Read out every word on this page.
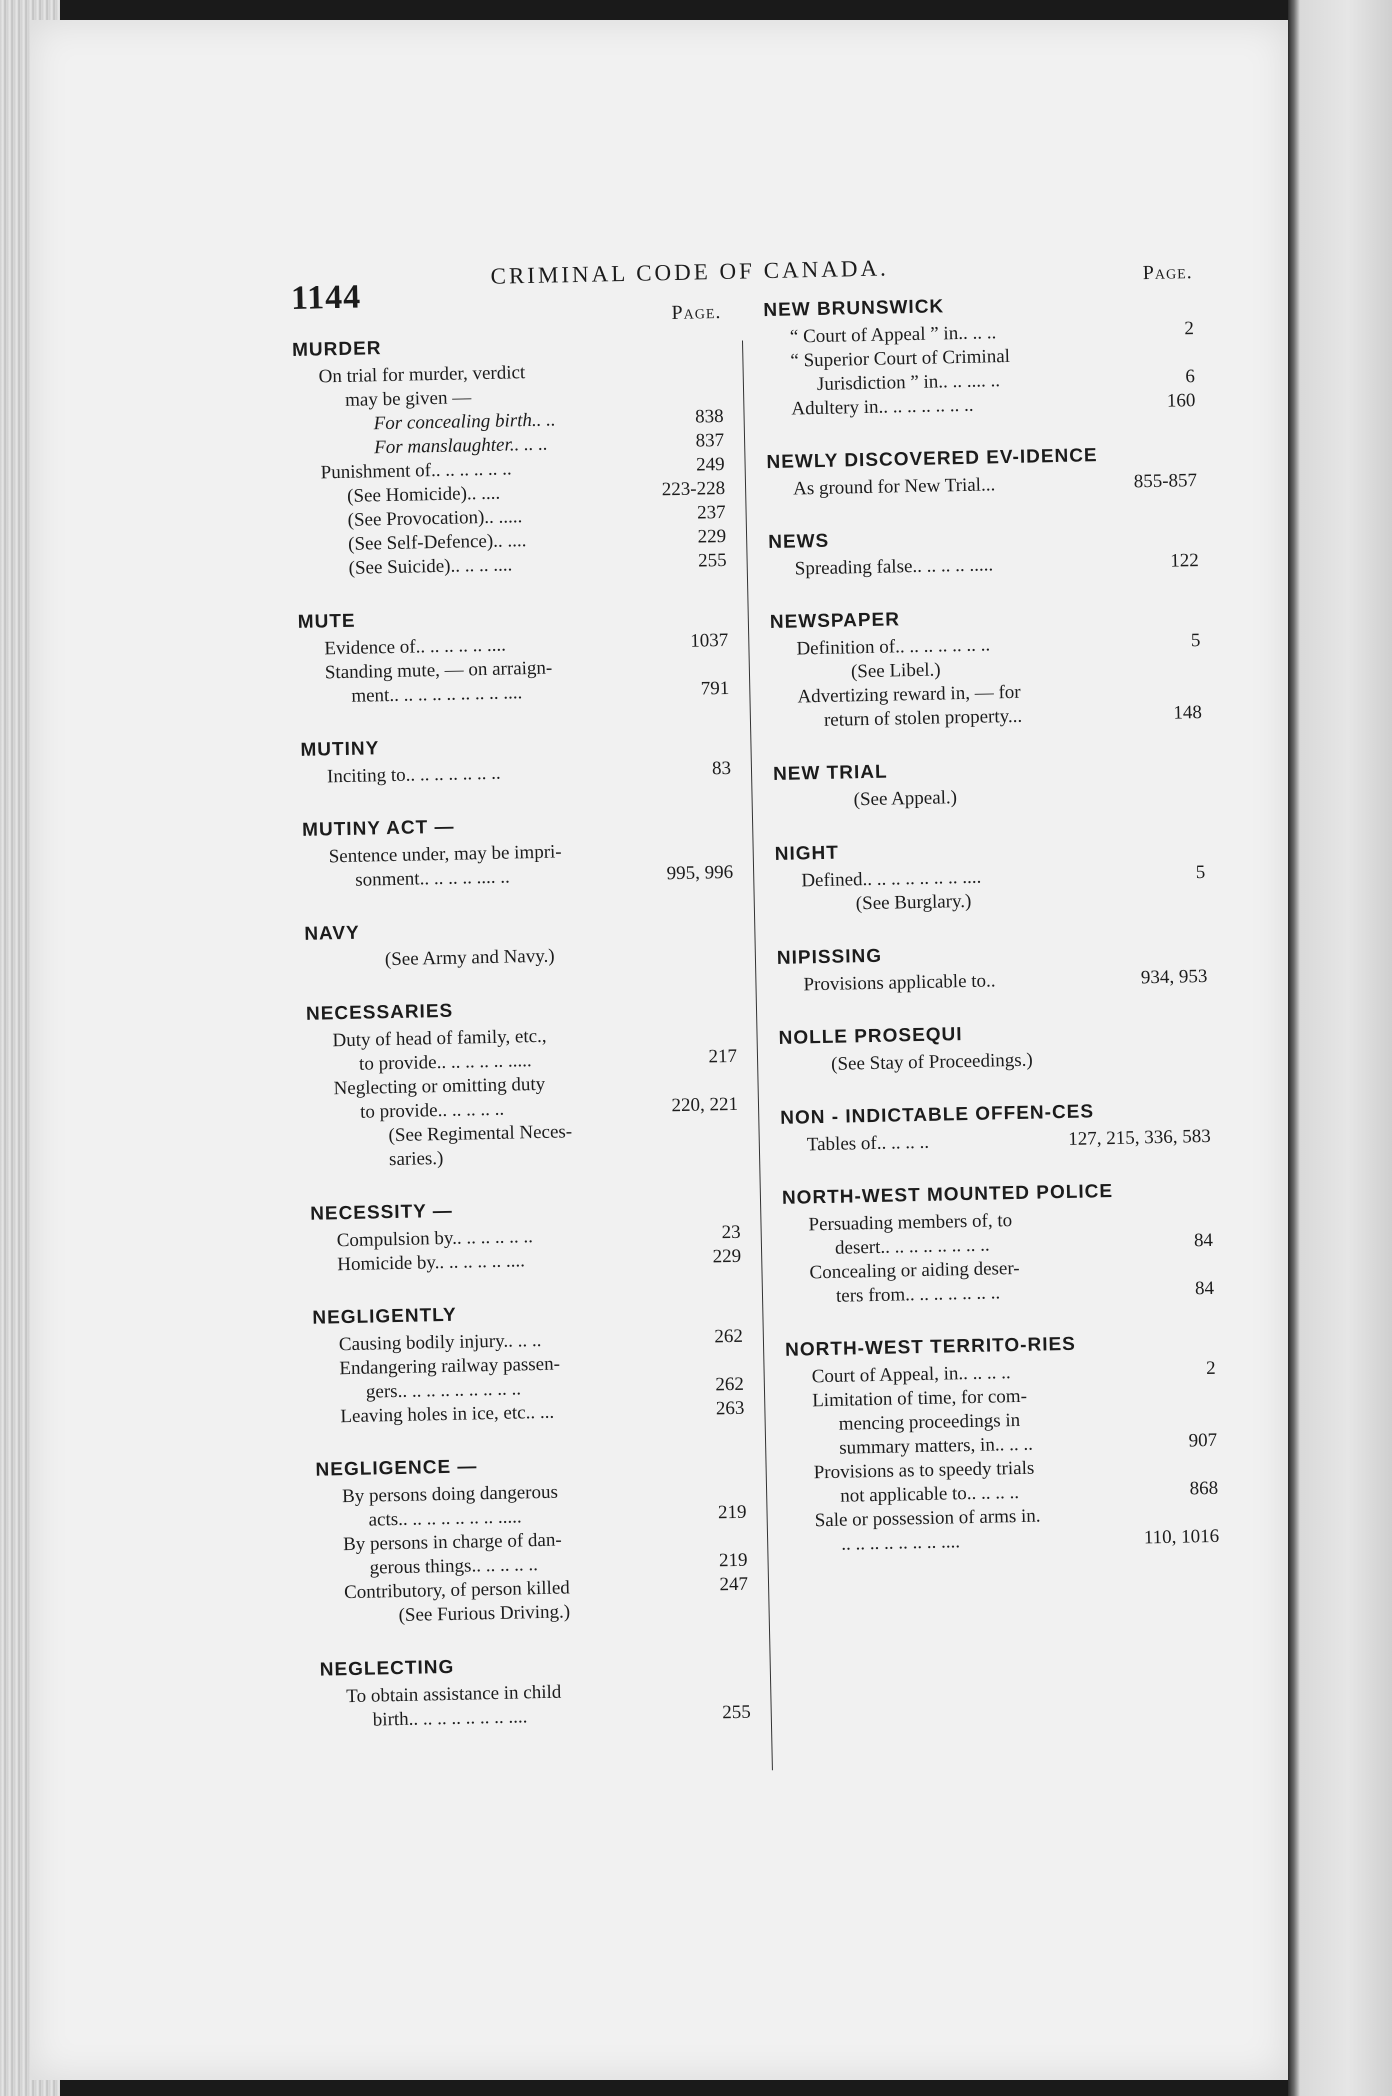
1144
CRIMINAL CODE OF CANADA.
Page.
MURDER
On trial for murder, verdict
may be given —
For concealing birth.. ..	838
For manslaughter.. .. ..	837
Punishment of.. .. .. .. .. ..	249
(See Homicide).. ....	223-228
(See Provocation).. .....	237
(See Self-Defence).. ....	229
(See Suicide).. .. .. ....	255
MUTE
Evidence of.. .. .. .. .. ....	1037
Standing mute, — on arraign-
ment.. .. .. .. .. .. .. .. ....	791
MUTINY
Inciting to.. .. .. .. .. .. ..	83
MUTINY ACT —
Sentence under, may be impri-
sonment.. .. .. .. .... ..	995, 996
NAVY
(See Army and Navy.)
NECESSARIES
Duty of head of family, etc.,
to provide.. .. .. .. .. .....	217
Neglecting or omitting duty
to provide.. .. .. .. ..	220, 221
(See Regimental Neces-
saries.)
NECESSITY —
Compulsion by.. .. .. .. .. ..	23
Homicide by.. .. .. .. .. ....	229
NEGLIGENTLY
Causing bodily injury.. .. ..	262
Endangering railway passen-
gers.. .. .. .. .. .. .. .. ..	262
Leaving holes in ice, etc.. ...	263
NEGLIGENCE —
By persons doing dangerous
acts.. .. .. .. .. .. .. .....	219
By persons in charge of dan-
gerous things.. .. .. .. ..	219
Contributory, of person killed	247
(See Furious Driving.)
NEGLECTING
To obtain assistance in child
birth.. .. .. .. .. .. .. ....	255
Page.
NEW BRUNSWICK
“ Court of Appeal ” in.. .. ..	2
“ Superior Court of Criminal
Jurisdiction ” in.. .. .... ..	6
Adultery in.. .. .. .. .. .. ..	160
NEWLY DISCOVERED EV-IDENCE
As ground for New Trial...	855-857
NEWS
Spreading false.. .. .. .. .....	122
NEWSPAPER
Definition of.. .. .. .. .. .. ..	5
(See Libel.)
Advertizing reward in, — for
return of stolen property...	148
NEW TRIAL
(See Appeal.)
NIGHT
Defined.. .. .. .. .. .. .. ....	5
(See Burglary.)
NIPISSING
Provisions applicable to..	934, 953
NOLLE PROSEQUI
(See Stay of Proceedings.)
NON - INDICTABLE OFFEN-CES
Tables of.. .. .. ..	127, 215, 336, 583
NORTH-WEST MOUNTED POLICE
Persuading members of, to
desert.. .. .. .. .. .. .. ..	84
Concealing or aiding deser-
ters from.. .. .. .. .. .. ..	84
NORTH-WEST TERRITO-RIES
Court of Appeal, in.. .. .. ..	2
Limitation of time, for com-
mencing proceedings in
summary matters, in.. .. ..	907
Provisions as to speedy trials
not applicable to.. .. .. ..	868
Sale or possession of arms in.
.. .. .. .. .. .. .. ....	110, 1016
